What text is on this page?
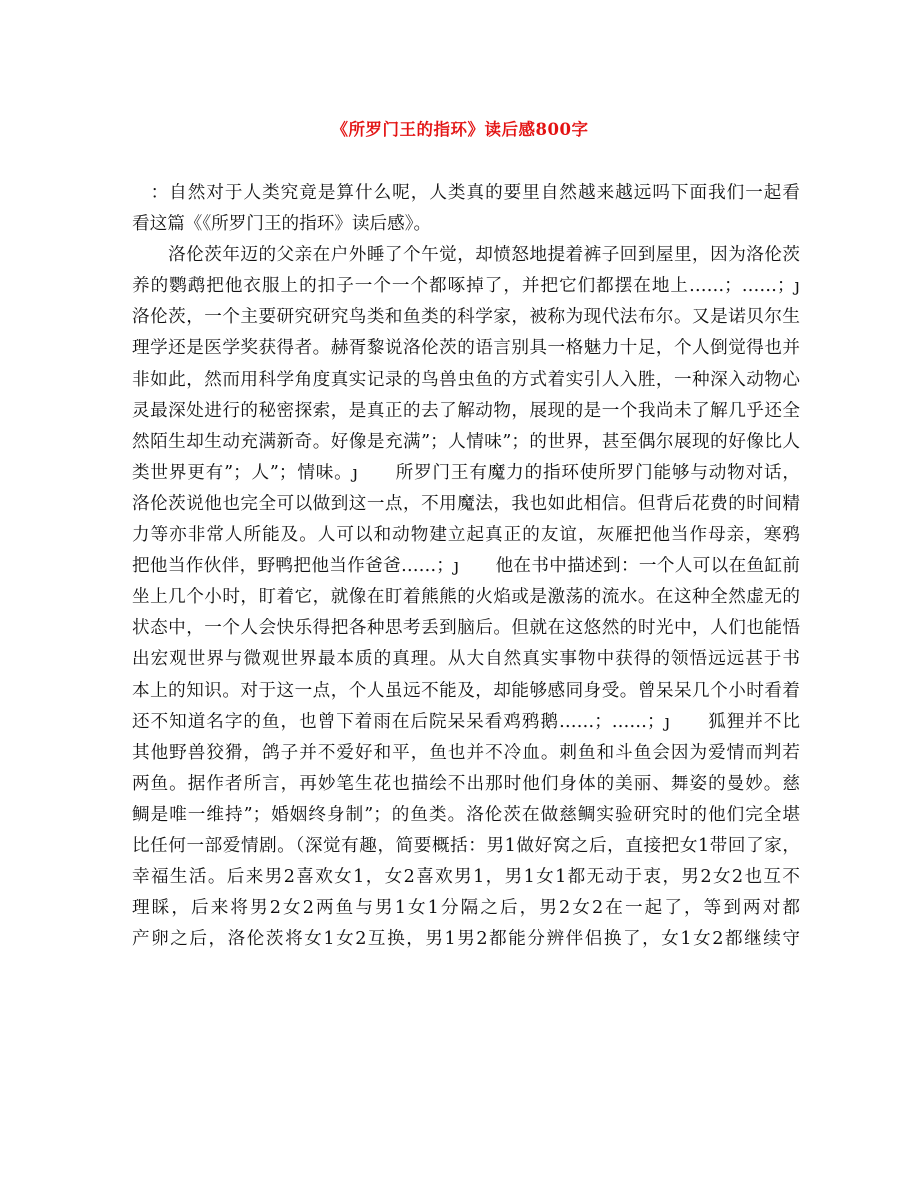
《所罗门王的指环》读后感800字
　：自然对于人类究竟是算什么呢，人类真的要里自然越来越远吗下面我们一起看
看这篇《《所罗门王的指环》读后感》。
　　洛伦茨年迈的父亲在户外睡了个午觉，却愤怒地提着裤子回到屋里，因为洛伦茨
养的鹦鹉把他衣服上的扣子一个一个都啄掉了，并把它们都摆在地上……；……；ȷ
洛伦茨，一个主要研究研究鸟类和鱼类的科学家，被称为现代法布尔。又是诺贝尔生
理学还是医学奖获得者。赫胥黎说洛伦茨的语言别具一格魅力十足，个人倒觉得也并
非如此，然而用科学角度真实记录的鸟兽虫鱼的方式着实引人入胜，一种深入动物心
灵最深处进行的秘密探索，是真正的去了解动物，展现的是一个我尚未了解几乎还全
然陌生却生动充满新奇。好像是充满”；人情味”；的世界，甚至偶尔展现的好像比人
类世界更有”；人”；情味。ȷ　　所罗门王有魔力的指环使所罗门能够与动物对话，
洛伦茨说他也完全可以做到这一点，不用魔法，我也如此相信。但背后花费的时间精
力等亦非常人所能及。人可以和动物建立起真正的友谊，灰雁把他当作母亲，寒鸦
把他当作伙伴，野鸭把他当作爸爸……；ȷ　　他在书中描述到：一个人可以在鱼缸前
坐上几个小时，盯着它，就像在盯着熊熊的火焰或是激荡的流水。在这种全然虚无的
状态中，一个人会快乐得把各种思考丢到脑后。但就在这悠然的时光中，人们也能悟
出宏观世界与微观世界最本质的真理。从大自然真实事物中获得的领悟远远甚于书
本上的知识。对于这一点，个人虽远不能及，却能够感同身受。曾呆呆几个小时看着
还不知道名字的鱼，也曾下着雨在后院呆呆看鸡鸦鹅……；……；ȷ　　狐狸并不比
其他野兽狡猾，鸽子并不爱好和平，鱼也并不冷血。刺鱼和斗鱼会因为爱情而判若
两鱼。据作者所言，再妙笔生花也描绘不出那时他们身体的美丽、舞姿的曼妙。慈
鲷是唯一维持”；婚姻终身制”；的鱼类。洛伦茨在做慈鲷实验研究时的他们完全堪
比任何一部爱情剧。（深觉有趣，简要概括：男1做好窝之后，直接把女1带回了家，
幸福生活。后来男2喜欢女1，女2喜欢男1，男1女1都无动于衷，男2女2也互不
理睬，后来将男2女2两鱼与男1女1分隔之后，男2女2在一起了，等到两对都
产卵之后，洛伦茨将女1女2互换，男1男2都能分辨伴侣换了，女1女2都继续守
